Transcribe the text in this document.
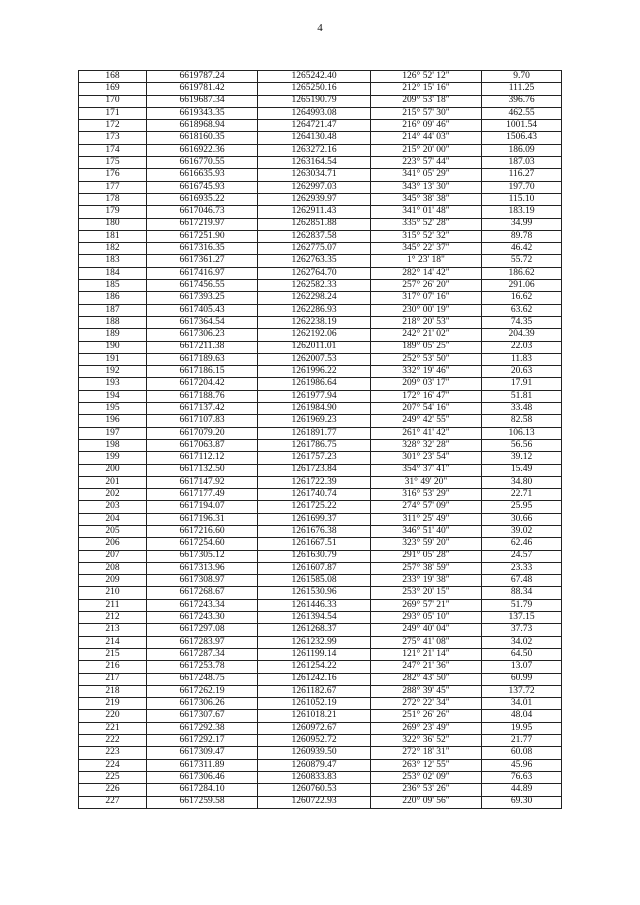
4
168	6619787.24	1265242.40	126° 52' 12"	9.70
169	6619781.42	1265250.16	212° 15' 16"	111.25
170	6619687.34	1265190.79	209° 53' 18"	396.76
171	6619343.35	1264993.08	215° 57' 30"	462.55
172	6618968.94	1264721.47	216° 09' 46"	1001.54
173	6618160.35	1264130.48	214° 44' 03"	1506.43
174	6616922.36	1263272.16	215° 20' 00"	186.09
175	6616770.55	1263164.54	223° 57' 44"	187.03
176	6616635.93	1263034.71	341° 05' 29"	116.27
177	6616745.93	1262997.03	343° 13' 30"	197.70
178	6616935.22	1262939.97	345° 38' 38"	115.10
179	6617046.73	1262911.43	341° 01' 48"	183.19
180	6617219.97	1262851.88	335° 52' 28"	34.99
181	6617251.90	1262837.58	315° 52' 32"	89.78
182	6617316.35	1262775.07	345° 22' 37"	46.42
183	6617361.27	1262763.35	1° 23' 18"	55.72
184	6617416.97	1262764.70	282° 14' 42"	186.62
185	6617456.55	1262582.33	257° 26' 20"	291.06
186	6617393.25	1262298.24	317° 07' 16"	16.62
187	6617405.43	1262286.93	230° 00' 19"	63.62
188	6617364.54	1262238.19	218° 20' 53"	74.35
189	6617306.23	1262192.06	242° 21' 02"	204.39
190	6617211.38	1262011.01	189° 05' 25"	22.03
191	6617189.63	1262007.53	252° 53' 50"	11.83
192	6617186.15	1261996.22	332° 19' 46"	20.63
193	6617204.42	1261986.64	209° 03' 17"	17.91
194	6617188.76	1261977.94	172° 16' 47"	51.81
195	6617137.42	1261984.90	207° 54' 16"	33.48
196	6617107.83	1261969.23	249° 42' 55"	82.58
197	6617079.20	1261891.77	261° 41' 42"	106.13
198	6617063.87	1261786.75	328° 32' 28"	56.56
199	6617112.12	1261757.23	301° 23' 54"	39.12
200	6617132.50	1261723.84	354° 37' 41"	15.49
201	6617147.92	1261722.39	31° 49' 20"	34.80
202	6617177.49	1261740.74	316° 53' 29"	22.71
203	6617194.07	1261725.22	274° 57' 09"	25.95
204	6617196.31	1261699.37	311° 25' 49"	30.66
205	6617216.60	1261676.38	346° 51' 40"	39.02
206	6617254.60	1261667.51	323° 59' 20"	62.46
207	6617305.12	1261630.79	291° 05' 28"	24.57
208	6617313.96	1261607.87	257° 38' 59"	23.33
209	6617308.97	1261585.08	233° 19' 38"	67.48
210	6617268.67	1261530.96	253° 20' 15"	88.34
211	6617243.34	1261446.33	269° 57' 21"	51.79
212	6617243.30	1261394.54	293° 05' 10"	137.15
213	6617297.08	1261268.37	249° 40' 04"	37.73
214	6617283.97	1261232.99	275° 41' 08"	34.02
215	6617287.34	1261199.14	121° 21' 14"	64.50
216	6617253.78	1261254.22	247° 21' 36"	13.07
217	6617248.75	1261242.16	282° 43' 50"	60.99
218	6617262.19	1261182.67	288° 39' 45"	137.72
219	6617306.26	1261052.19	272° 22' 34"	34.01
220	6617307.67	1261018.21	251° 26' 26"	48.04
221	6617292.38	1260972.67	269° 23' 49"	19.95
222	6617292.17	1260952.72	322° 36' 52"	21.77
223	6617309.47	1260939.50	272° 18' 31"	60.08
224	6617311.89	1260879.47	263° 12' 55"	45.96
225	6617306.46	1260833.83	253° 02' 09"	76.63
226	6617284.10	1260760.53	236° 53' 26"	44.89
227	6617259.58	1260722.93	220° 09' 56"	69.30
